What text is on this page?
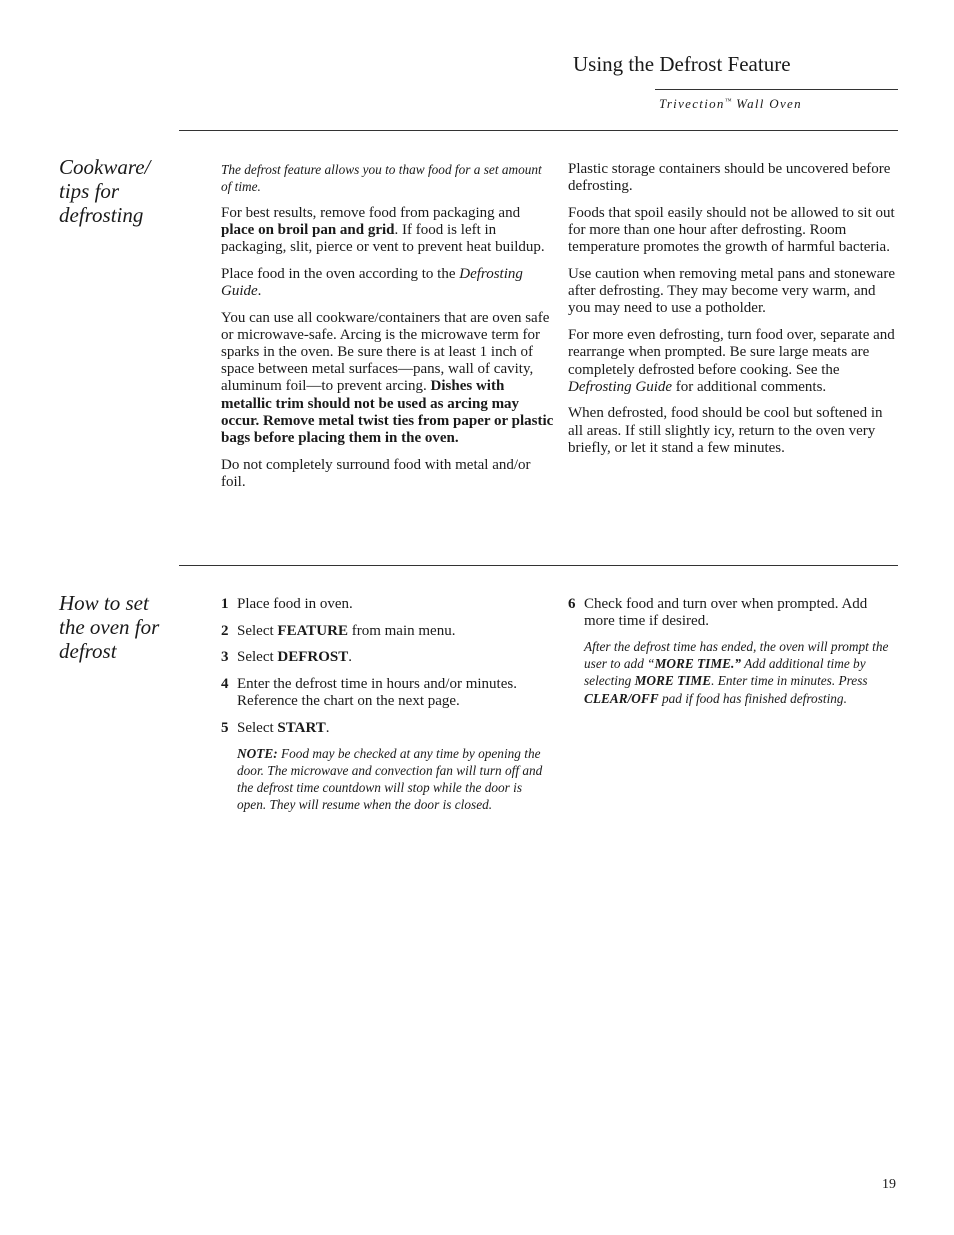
Using the Defrost Feature
Trivection™ Wall Oven
Cookware/ tips for defrosting

The defrost feature allows you to thaw food for a set amount of time.

For best results, remove food from packaging and place on broil pan and grid. If food is left in packaging, slit, pierce or vent to prevent heat buildup.

Place food in the oven according to the Defrosting Guide.

You can use all cookware/containers that are oven safe or microwave-safe. Arcing is the microwave term for sparks in the oven. Be sure there is at least 1 inch of space between metal surfaces—pans, wall of cavity, aluminum foil—to prevent arcing. Dishes with metallic trim should not be used as arcing may occur. Remove metal twist ties from paper or plastic bags before placing them in the oven.

Do not completely surround food with metal and/or foil.

Plastic storage containers should be uncovered before defrosting.

Foods that spoil easily should not be allowed to sit out for more than one hour after defrosting. Room temperature promotes the growth of harmful bacteria.

Use caution when removing metal pans and stoneware after defrosting. They may become very warm, and you may need to use a potholder.

For more even defrosting, turn food over, separate and rearrange when prompted. Be sure large meats are completely defrosted before cooking. See the Defrosting Guide for additional comments.

When defrosted, food should be cool but softened in all areas. If still slightly icy, return to the oven very briefly, or let it stand a few minutes.

How to set the oven for defrost
1 Place food in oven.
2 Select FEATURE from main menu.
3 Select DEFROST.
4 Enter the defrost time in hours and/or minutes. Reference the chart on the next page.
5 Select START.
NOTE: Food may be checked at any time by opening the door. The microwave and convection fan will turn off and the defrost time countdown will stop while the door is open. They will resume when the door is closed.
6 Check food and turn over when prompted. Add more time if desired.
After the defrost time has ended, the oven will prompt the user to add “MORE TIME.” Add additional time by selecting MORE TIME. Enter time in minutes. Press CLEAR/OFF pad if food has finished defrosting.
19
